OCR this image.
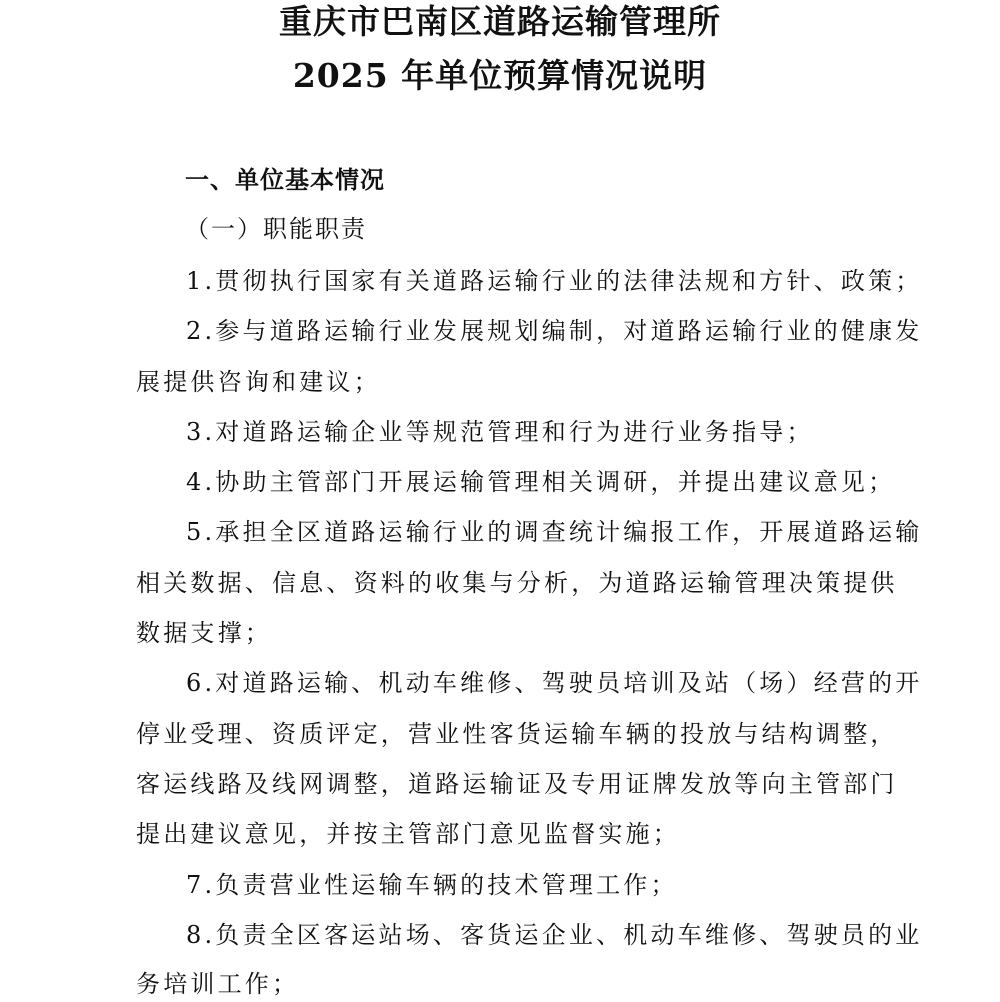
重庆市巴南区道路运输管理所
2025 年单位预算情况说明
一、单位基本情况
（一）职能职责
1.贯彻执行国家有关道路运输行业的法律法规和方针、政策；
2.参与道路运输行业发展规划编制，对道路运输行业的健康发
展提供咨询和建议；
3.对道路运输企业等规范管理和行为进行业务指导；
4.协助主管部门开展运输管理相关调研，并提出建议意见；
5.承担全区道路运输行业的调查统计编报工作，开展道路运输
相关数据、信息、资料的收集与分析，为道路运输管理决策提供
数据支撑；
6.对道路运输、机动车维修、驾驶员培训及站（场）经营的开
停业受理、资质评定，营业性客货运输车辆的投放与结构调整，
客运线路及线网调整，道路运输证及专用证牌发放等向主管部门
提出建议意见，并按主管部门意见监督实施；
7.负责营业性运输车辆的技术管理工作；
8.负责全区客运站场、客货运企业、机动车维修、驾驶员的业
务培训工作；
